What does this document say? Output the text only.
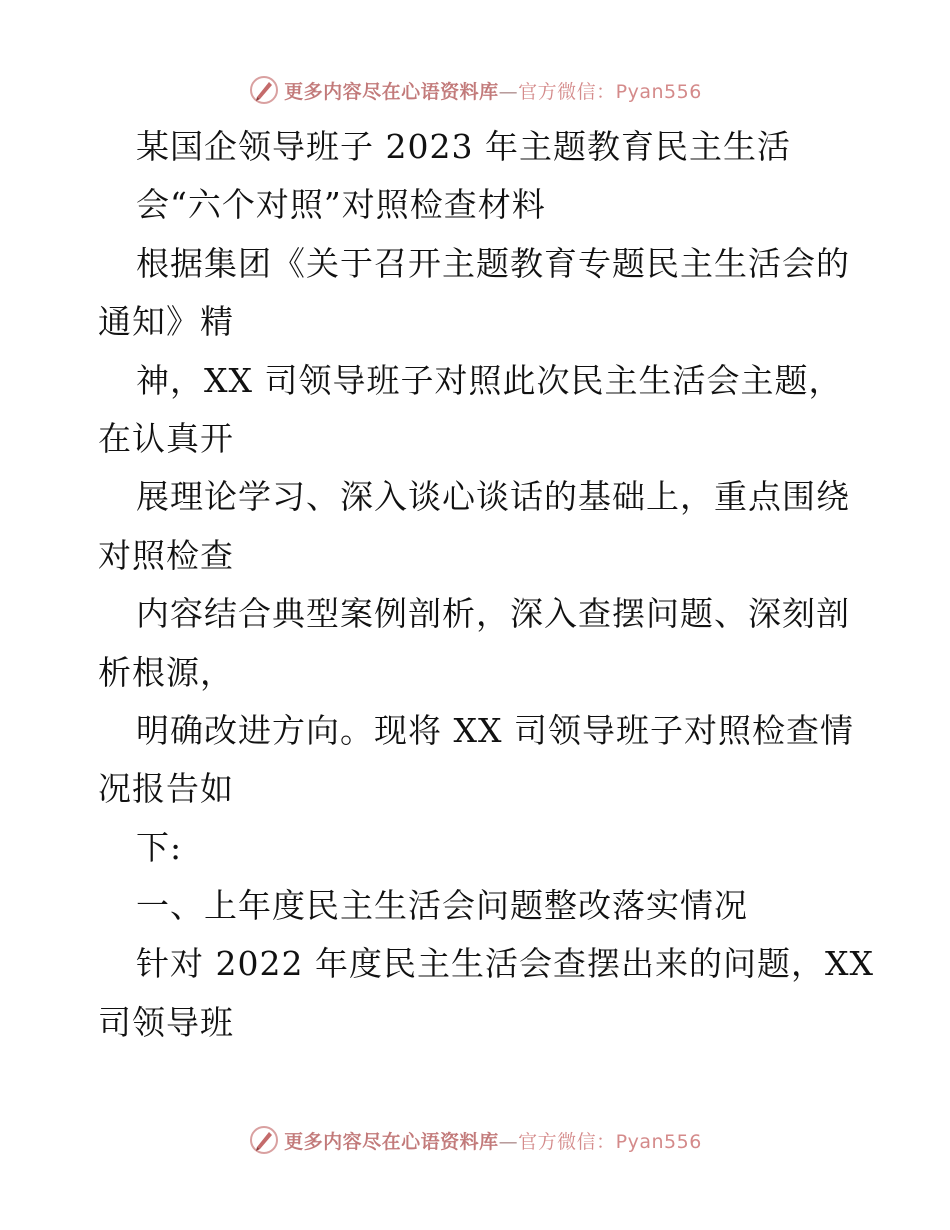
更多内容尽在心语资料库—官方微信：Pyan556
某国企领导班子 2023 年主题教育民主生活
会“六个对照”对照检查材料
根据集团《关于召开主题教育专题民主生活会的
通知》精
神，XX 司领导班子对照此次民主生活会主题，
在认真开
展理论学习、深入谈心谈话的基础上，重点围绕
对照检查
内容结合典型案例剖析，深入查摆问题、深刻剖
析根源，
明确改进方向。现将 XX 司领导班子对照检查情
况报告如
下:
一、上年度民主生活会问题整改落实情况
针对 2022 年度民主生活会查摆出来的问题，XX
司领导班
更多内容尽在心语资料库—官方微信：Pyan556
